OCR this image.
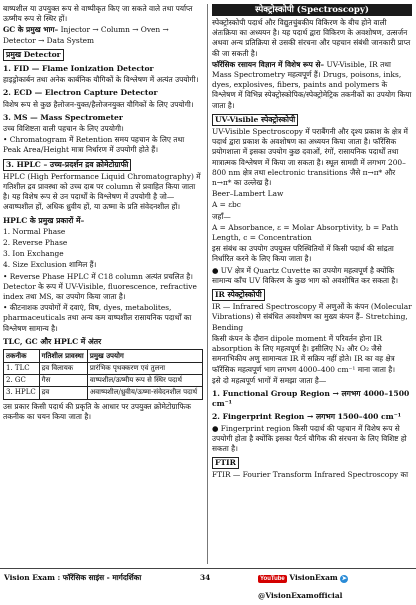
बाष्पशील या उपयुक्त रूप से वाष्पीकृत किए जा सकते वाले तथा पर्याप्त ऊष्मीय रूप से स्थिर हों।

GC के प्रमुख भाग– Injector → Column → Oven → Detector → Data System

प्रमुख Detector

1. FID — Flame Ionization Detector

हाइड्रोकार्बन तथा अनेक कार्बनिक यौगिकों के विश्लेषण में अत्यंत उपयोगी।

2. ECD — Electron Capture Detector

विशेष रूप से कुछ हैलोजन-युक्त/हैलोजनयुक्त यौगिकों के लिए उपयोगी।

3. MS — Mass Spectrometer

उच्च विशिष्टता वाली पहचान के लिए उपयोगी।

• Chromatogram में Retention समय पहचान के लिए तथा Peak Area/Height मात्रा निर्धारण में उपयोगी होते हैं।

3. HPLC – उच्च-प्रदर्शन द्रव क्रोमेटोग्राफी

HPLC (High Performance Liquid Chromatography) में गतिशील द्रव प्रावस्था को उच्च दाब पर column से प्रवाहित किया जाता है। यह विशेष रूप से उन पदार्थों के विश्लेषण में उपयोगी है जो— अवाष्पशील हों, अधिक ध्रुवीय हों, या ऊष्मा के प्रति संवेदनशील हों।

HPLC के प्रमुख प्रकारों में–

1. Normal Phase
2. Reverse Phase
3. Ion Exchange
4. Size Exclusion शामिल हैं।

• Reverse Phase HPLC में C18 column अत्यंत प्रचलित है। Detector के रूप में UV-Visible, fluorescence, refractive index तथा MS, का उपयोग किया जाता है।

• कीटनाशक उपयोगों में दवाएं, विष, dyes, metabolites, pharmaceuticals तथा अन्य कम वाष्पशील रासायनिक पदार्थों का विश्लेषण सामान्य है।

TLC, GC और HPLC में अंतर

तकनीक	गतिशील प्रावस्था	प्रमुख उपयोग
1. TLC	द्रव विलायक	प्रारंभिक पृथक्करण एवं तुलना
2. GC	गैस	वाष्पशील/ऊष्मीय रूप से स्थिर पदार्थ
3. HPLC	द्रव	अवाष्पशील/ध्रुवीय/ऊष्मा-संवेदनशील पदार्थ

उस प्रकार किसी पदार्थ की प्रकृति के आधार पर उपयुक्त क्रोमेटोग्राफिक तकनीक का चयन किया जाता है।

स्पेक्ट्रोस्कोपी (Spectroscopy)

स्पेक्ट्रोस्कोपी पदार्थ और विद्युतचुंबकीय विकिरण के बीच होने वाली अंतःक्रिया का अध्ययन है। यह पदार्थ द्वारा विकिरण के अवशोषण, उत्सर्जन अथवा अन्य प्रतिक्रिया से उसकी संरचना और पहचान संबंधी जानकारी प्राप्त की जा सकती है।

फॉरेंसिक रसायन विज्ञान में विशेष रूप से– UV-Visible, IR तथा Mass Spectrometry महत्वपूर्ण हैं। Drugs, poisons, inks, dyes, explosives, fibers, paints and polymers के विश्लेषण में विभिन्न स्पेक्ट्रोस्कोपिक/स्पेक्ट्रोमेट्रिक तकनीकों का उपयोग किया जाता है।

UV-Visible स्पेक्ट्रोस्कोपी

UV-Visible Spectroscopy में पराबैंगनी और दृश्य प्रकाश के क्षेत्र में पदार्थ द्वारा प्रकाश के अवशोषण का अध्ययन किया जाता है। फॉरेंसिक प्रयोगशाला में इसका उपयोग कुछ दवाओं, रंगों, रासायनिक पदार्थों तथा मात्रात्मक विश्लेषण में किया जा सकता है। स्थूल सामग्री में लगभग 200–800 nm क्षेत्र तथा electronic transitions जैसे π→π* और n→π* का उल्लेख है।

Beer–Lambert Law

A = εbc

जहाँ—

A = Absorbance, ε = Molar Absorptivity, b = Path Length, c = Concentration

इस संबंध का उपयोग उपयुक्त परिस्थितियों में किसी पदार्थ की सांद्रता निर्धारित करने के लिए किया जाता है।

● UV क्षेत्र में Quartz Cuvette का उपयोग महत्वपूर्ण है क्योंकि सामान्य काँच UV विकिरण के कुछ भाग को अवशोषित कर सकता है।

IR स्पेक्ट्रोस्कोपी

IR — Infrared Spectroscopy में अणुओं के कंपन (Molecular Vibrations) से संबंधित अवशोषण का मुख्य कंपन हैं– Stretching, Bending

किसी कंपन के दौरान dipole moment में परिवर्तन होना IR absorption के लिए महत्वपूर्ण है। इसीलिए N₂ और O₂ जैसे समनाभिकीय अणु सामान्यतः IR में सक्रिय नहीं होते। IR का वह क्षेत्र फॉरेंसिक महत्वपूर्ण भाग लगभग 4000–400 cm⁻¹ माना जाता है।

इसे दो महत्वपूर्ण भागों में समझा जाता है—

1. Functional Group Region → लगभग 4000–1500 cm⁻¹

2. Fingerprint Region → लगभग 1500–400 cm⁻¹

● Fingerprint region किसी पदार्थ की पहचान में विशेष रूप से उपयोगी होता है क्योंकि इसका पैटर्न यौगिक की संरचना के लिए विशिष्ट हो सकता है।

FTIR

FTIR — Fourier Transform Infrared Spectroscopy का

Vision Exam : फॉरेंसिक साइंस - मार्गदर्शिका	34	YouTube VisionExam ➤ @VisionExamofficial
